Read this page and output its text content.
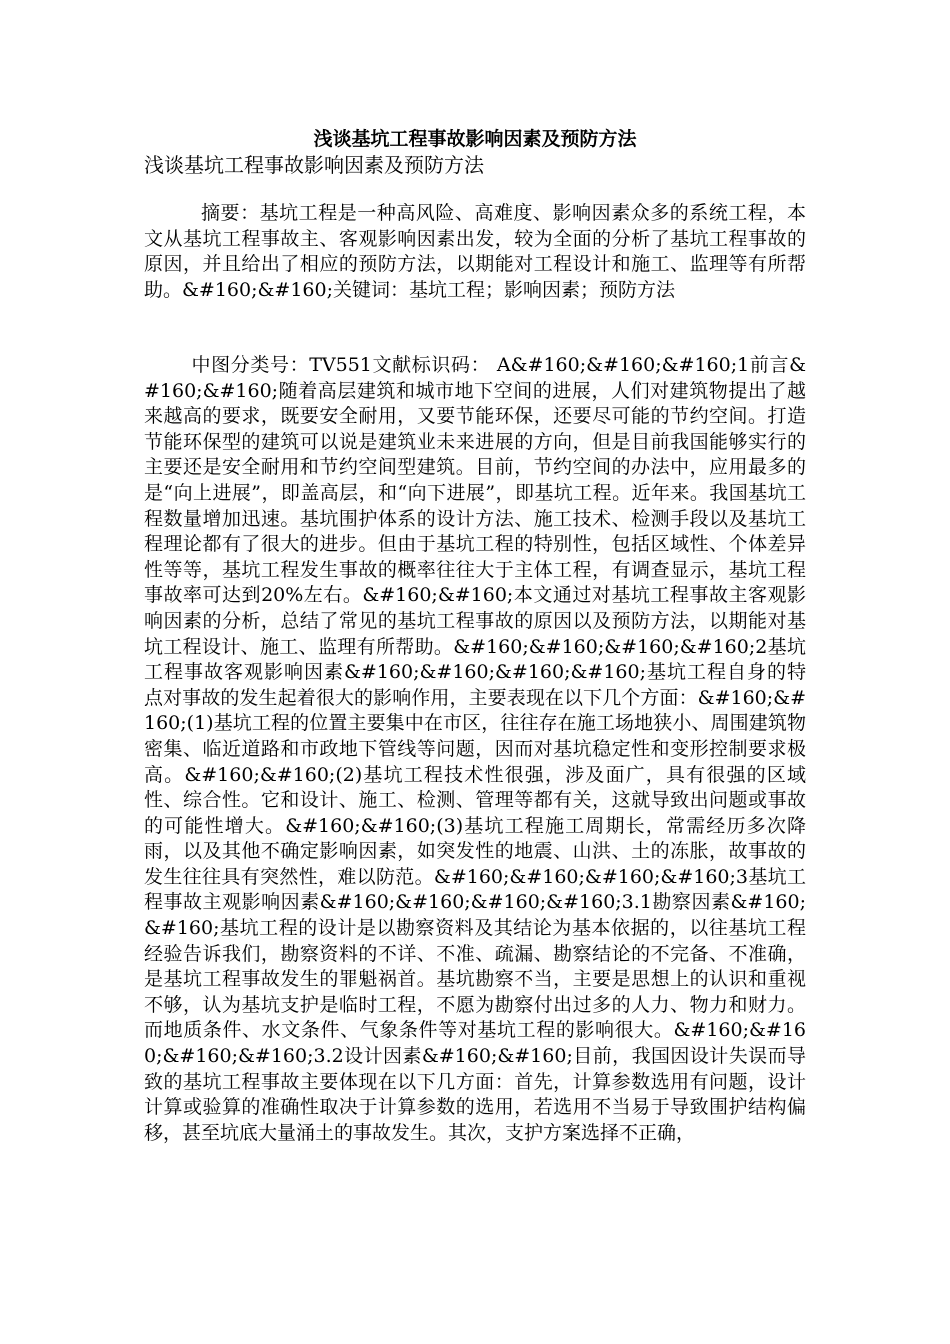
浅谈基坑工程事故影响因素及预防方法

浅谈基坑工程事故影响因素及预防方法

摘要：基坑工程是一种高风险、高难度、影响因素众多的系统工程，本文从基坑工程事故主、客观影响因素出发，较为全面的分析了基坑工程事故的原因，并且给出了相应的预防方法，以期能对工程设计和施工、监理等有所帮助。&#160;&#160;关键词：基坑工程；影响因素；预防方法

中图分类号：TV551文献标识码： A&#160;&#160;&#160;1前言&#160;&#160;随着高层建筑和城市地下空间的进展，人们对建筑物提出了越来越高的要求，既要安全耐用，又要节能环保，还要尽可能的节约空间。打造节能环保型的建筑可以说是建筑业未来进展的方向，但是目前我国能够实行的主要还是安全耐用和节约空间型建筑。目前，节约空间的办法中，应用最多的是“向上进展”，即盖高层，和“向下进展”，即基坑工程。近年来。我国基坑工程数量增加迅速。基坑围护体系的设计方法、施工技术、检测手段以及基坑工程理论都有了很大的进步。但由于基坑工程的特别性，包括区域性、个体差异性等等，基坑工程发生事故的概率往往大于主体工程，有调查显示，基坑工程事故率可达到20%左右。&#160;&#160;本文通过对基坑工程事故主客观影响因素的分析，总结了常见的基坑工程事故的原因以及预防方法，以期能对基坑工程设计、施工、监理有所帮助。&#160;&#160;&#160;&#160;2基坑工程事故客观影响因素&#160;&#160;&#160;&#160;基坑工程自身的特点对事故的发生起着很大的影响作用，主要表现在以下几个方面：&#160;&#160;(1)基坑工程的位置主要集中在市区，往往存在施工场地狭小、周围建筑物密集、临近道路和市政地下管线等问题，因而对基坑稳定性和变形控制要求极高。&#160;&#160;(2)基坑工程技术性很强，涉及面广，具有很强的区域性、综合性。它和设计、施工、检测、管理等都有关，这就导致出问题或事故的可能性增大。&#160;&#160;(3)基坑工程施工周期长，常需经历多次降雨，以及其他不确定影响因素，如突发性的地震、山洪、土的冻胀，故事故的发生往往具有突然性，难以防范。&#160;&#160;&#160;&#160;3基坑工程事故主观影响因素&#160;&#160;&#160;&#160;3.1勘察因素&#160;&#160;基坑工程的设计是以勘察资料及其结论为基本依据的，以往基坑工程经验告诉我们，勘察资料的不详、不准、疏漏、勘察结论的不完备、不准确，是基坑工程事故发生的罪魁祸首。基坑勘察不当，主要是思想上的认识和重视不够，认为基坑支护是临时工程，不愿为勘察付出过多的人力、物力和财力。而地质条件、水文条件、气象条件等对基坑工程的影响很大。&#160;&#160;&#160;&#160;3.2设计因素&#160;&#160;目前，我国因设计失误而导致的基坑工程事故主要体现在以下几方面：首先，计算参数选用有问题，设计计算或验算的准确性取决于计算参数的选用，若选用不当易于导致围护结构偏移，甚至坑底大量涌土的事故发生。其次，支护方案选择不正确，
